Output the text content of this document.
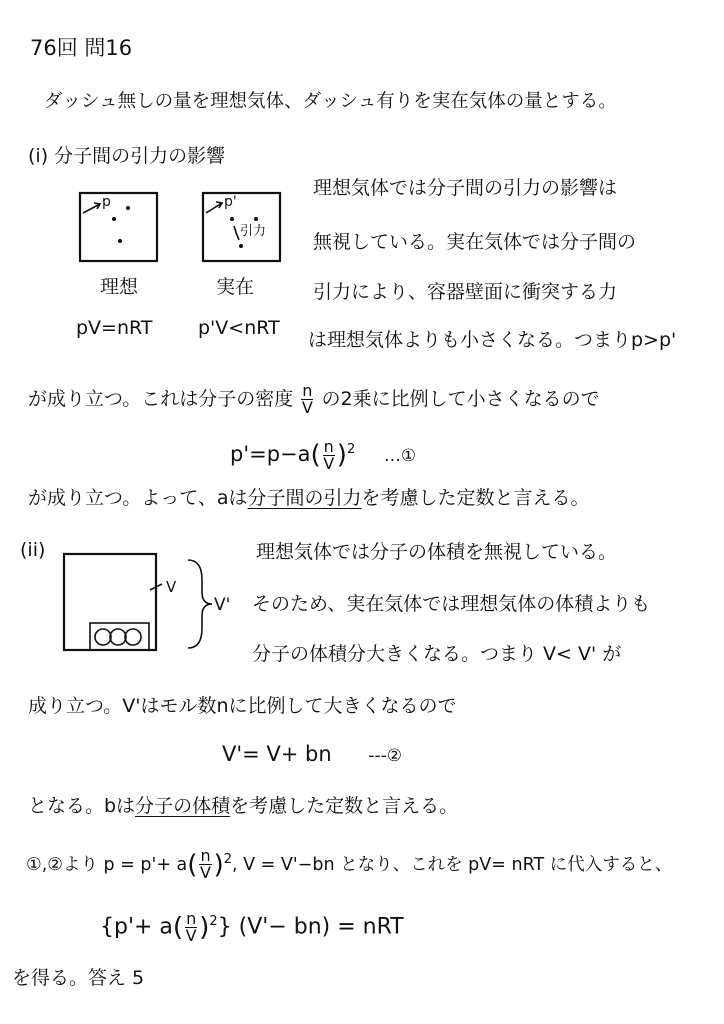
76回 問16
ダッシュ無しの量を理想気体、ダッシュ有りを実在気体の量とする。
(i) 分子間の引力の影響
p	p'
引力
理想	実在
pV=nRT p'V<nRT
理想気体では分子間の引力の影響は
無視している。実在気体では分子間の
引力により、容器壁面に衝突する力
は理想気体よりも小さくなる。つまりp>p'
が成り立つ。これは分子の密度 $\frac{n}{V}$ の2乗に比例して小さくなるので
$p'=p-a( \frac{n}{V} )^2$ …①
が成り立つ。よって、aは分子間の引力を考慮した定数と言える。
(ii)
V
V'
理想気体では分子の体積を無視している。
そのため、実在気体では理想気体の体積よりも
分子の体積分大きくなる。つまり V< V' が
成り立つ。V'はモル数nに比例して大きくなるので
V'= V+ bn ---②
となる。bは分子の体積を考慮した定数と言える。
①,②より $p = p'+ a( \frac{n}{V} )^2$, V = V'−bn となり、これを pV= nRT に代入すると、
$\{p'+ a( \frac{n}{V} )^2\}$ (V'− bn) = nRT
を得る。答え 5
